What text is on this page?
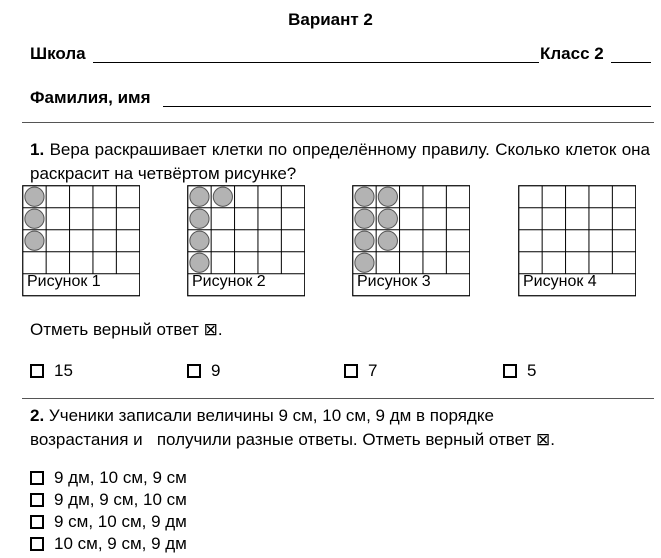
Вариант 2
Школа	Класс 2
Фамилия, имя
1. Вера раскрашивает клетки по определённому правилу. Сколько клеток она раскрасит на четвёртом рисунке?
Рисунок 1	Рисунок 2	Рисунок 3	Рисунок 4
Отметь верный ответ ⊠.
15	9	7	5
2. Ученики записали величины 9 см, 10 см, 9 дм в порядке
возрастания и   получили разные ответы. Отметь верный ответ ⊠.
9 дм, 10 см, 9 см
9 дм, 9 см, 10 см
9 см, 10 см, 9 дм
10 см, 9 см, 9 дм
